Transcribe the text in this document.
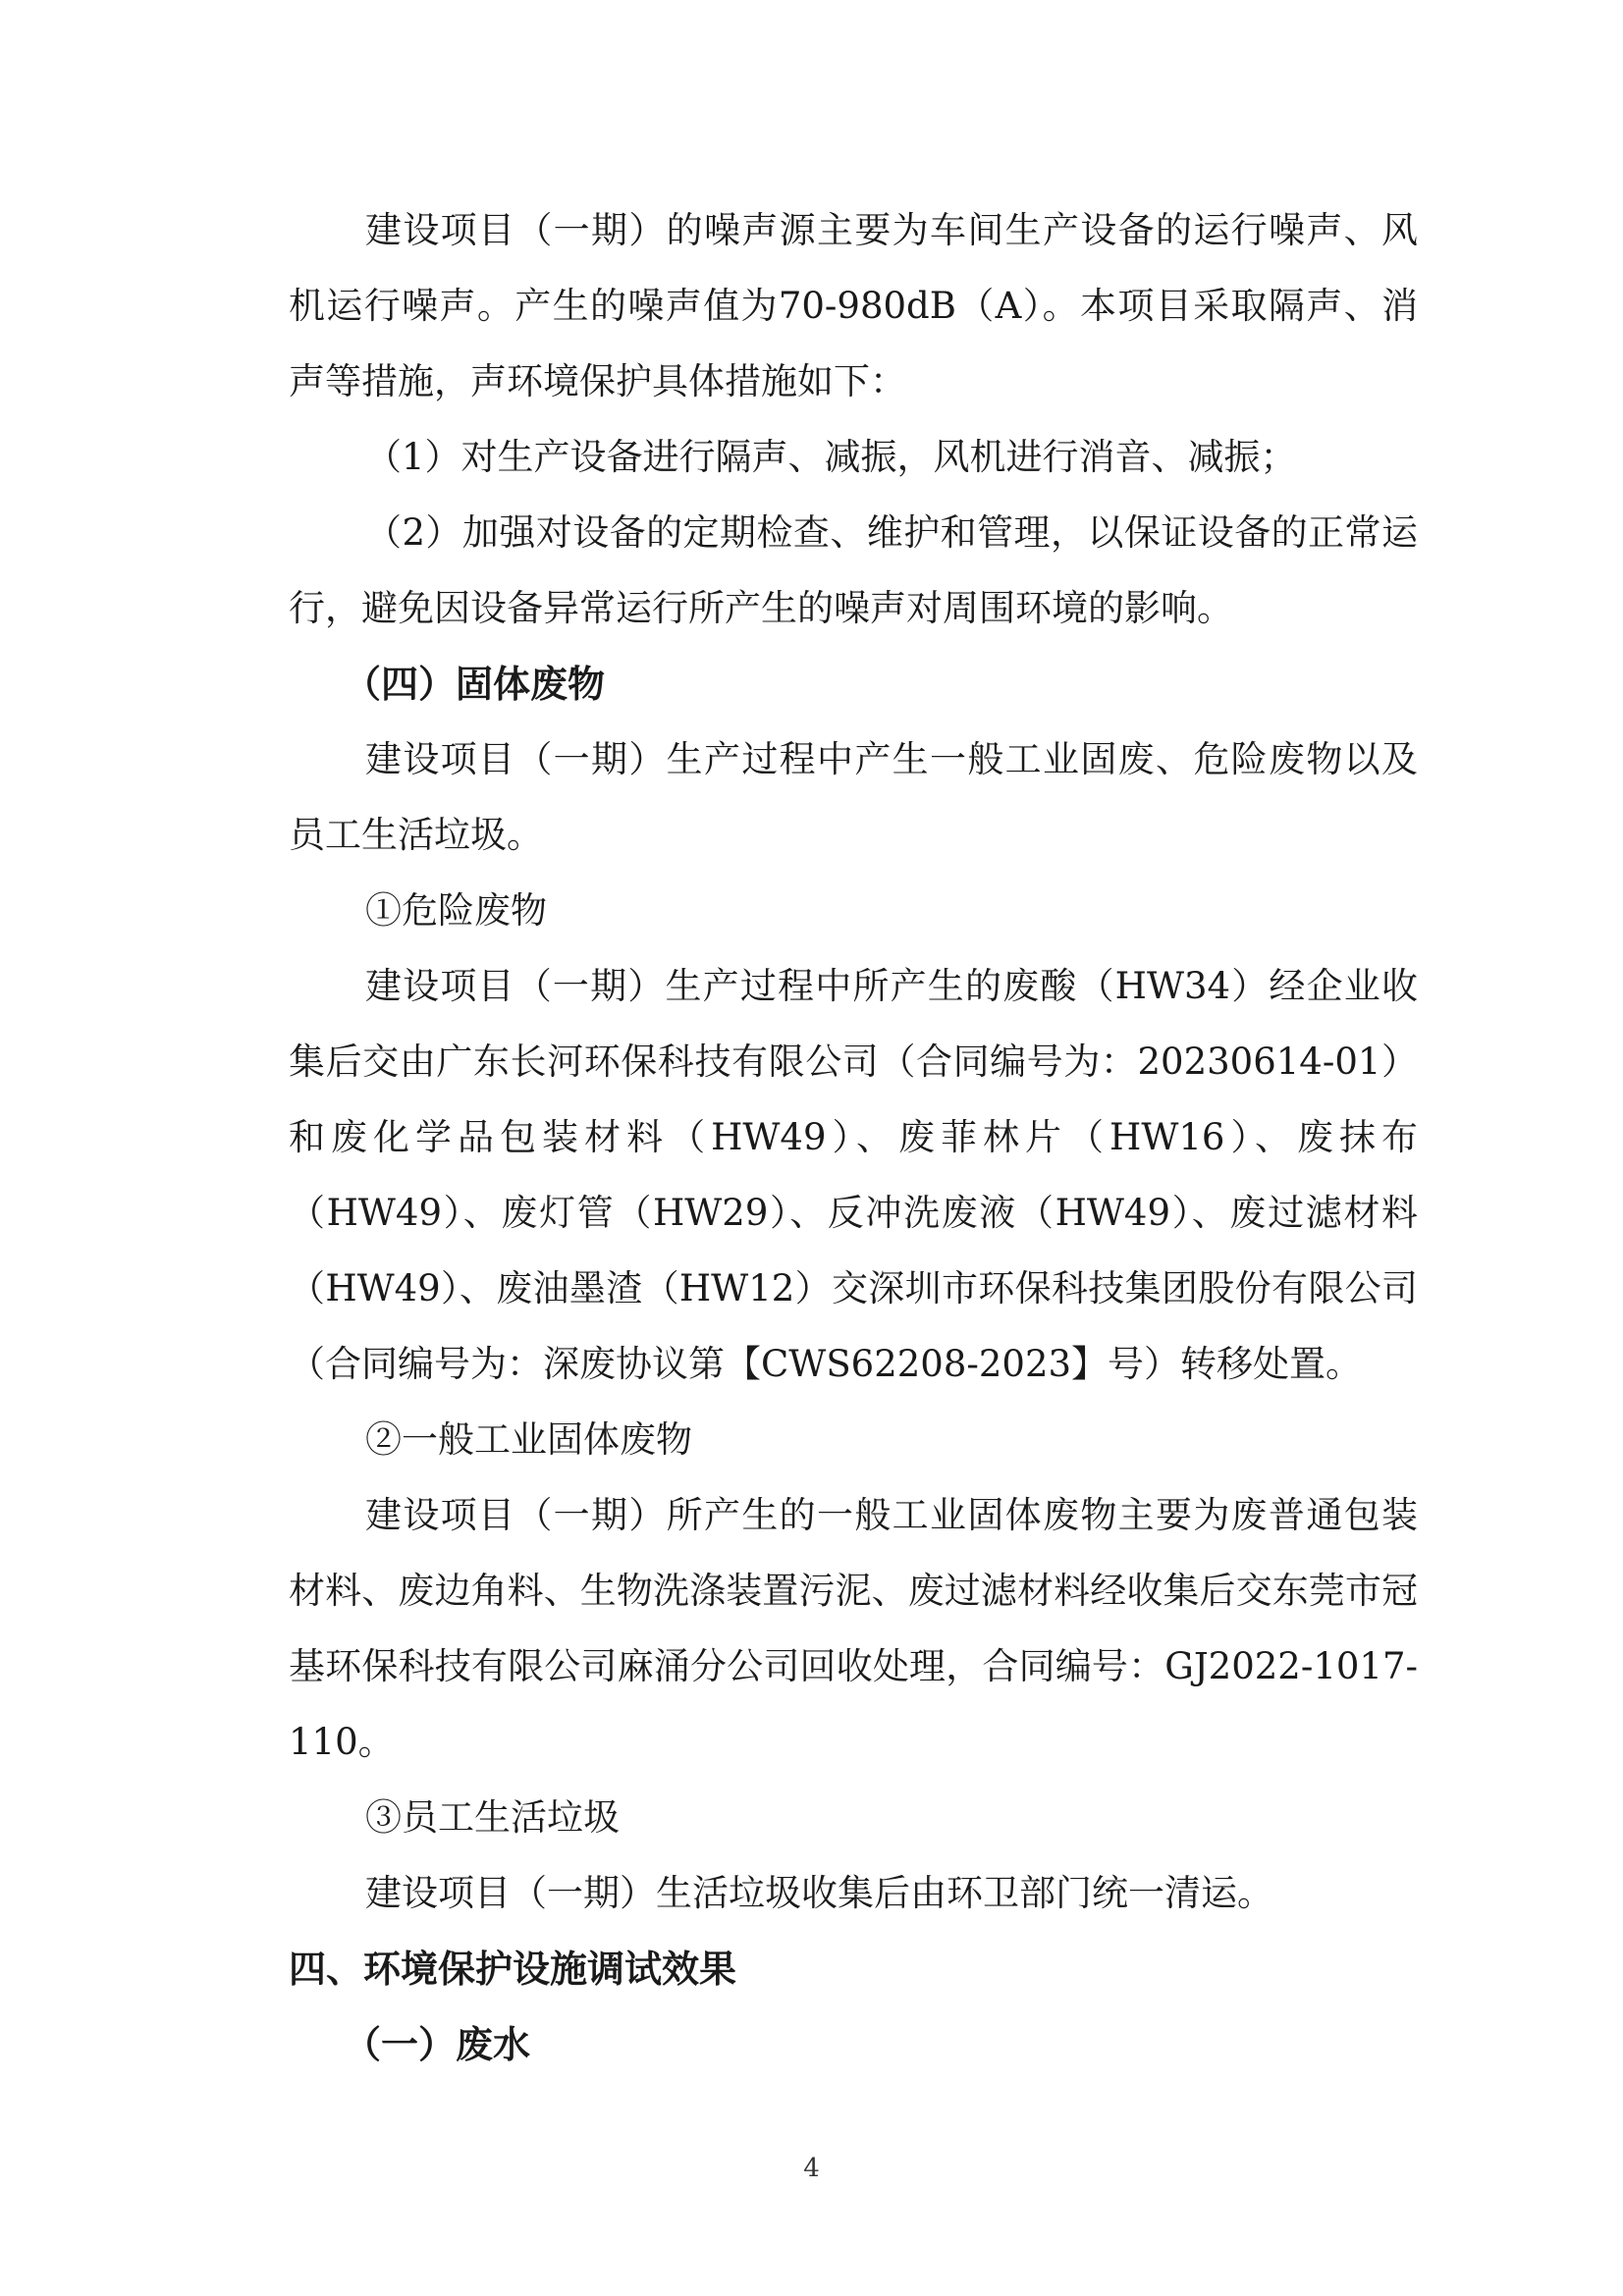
建设项目（一期）的噪声源主要为车间生产设备的运行噪声、风机运行噪声。产生的噪声值为70-980dB（A）。本项目采取隔声、消声等措施，声环境保护具体措施如下：

（1）对生产设备进行隔声、减振，风机进行消音、减振；

（2）加强对设备的定期检查、维护和管理，以保证设备的正常运行，避免因设备异常运行所产生的噪声对周围环境的影响。

（四）固体废物

建设项目（一期）生产过程中产生一般工业固废、危险废物以及员工生活垃圾。

①危险废物

建设项目（一期）生产过程中所产生的废酸（HW34）经企业收集后交由广东长河环保科技有限公司（合同编号为：20230614-01）和废化学品包装材料（HW49）、废菲林片（HW16）、废抹布（HW49）、废灯管（HW29）、反冲洗废液（HW49）、废过滤材料（HW49）、废油墨渣（HW12）交深圳市环保科技集团股份有限公司（合同编号为：深废协议第【CWS62208-2023】号）转移处置。

②一般工业固体废物

建设项目（一期）所产生的一般工业固体废物主要为废普通包装材料、废边角料、生物洗涤装置污泥、废过滤材料经收集后交东莞市冠基环保科技有限公司麻涌分公司回收处理，合同编号：GJ2022-1017-110。

③员工生活垃圾

建设项目（一期）生活垃圾收集后由环卫部门统一清运。

四、环境保护设施调试效果

（一）废水

4
